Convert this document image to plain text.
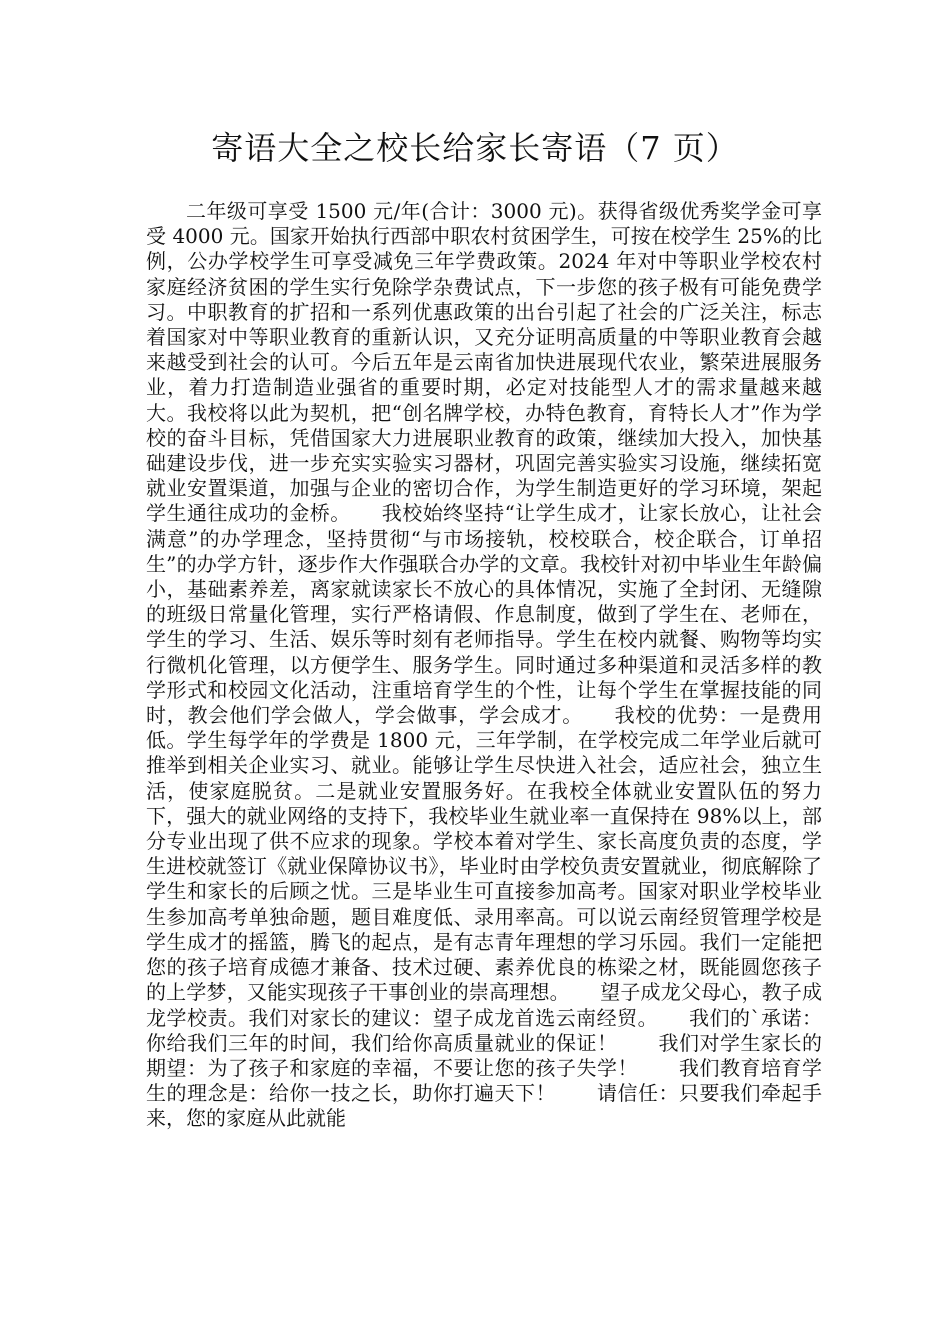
寄语大全之校长给家长寄语（7 页）

二年级可享受 1500 元/年(合计：3000 元)。获得省级优秀奖学金可享受 4000 元。国家开始执行西部中职农村贫困学生，可按在校学生 25%的比例，公办学校学生可享受减免三年学费政策。2024 年对中等职业学校农村家庭经济贫困的学生实行免除学杂费试点，下一步您的孩子极有可能免费学习。中职教育的扩招和一系列优惠政策的出台引起了社会的广泛关注，标志着国家对中等职业教育的重新认识，又充分证明高质量的中等职业教育会越来越受到社会的认可。今后五年是云南省加快进展现代农业，繁荣进展服务业，着力打造制造业强省的重要时期，必定对技能型人才的需求量越来越大。我校将以此为契机，把“创名牌学校，办特色教育，育特长人才”作为学校的奋斗目标，凭借国家大力进展职业教育的政策，继续加大投入，加快基础建设步伐，进一步充实实验实习器材，巩固完善实验实习设施，继续拓宽就业安置渠道，加强与企业的密切合作，为学生制造更好的学习环境，架起学生通往成功的金桥。　　我校始终坚持“让学生成才，让家长放心，让社会满意”的办学理念，坚持贯彻“与市场接轨，校校联合，校企联合，订单招生”的办学方针，逐步作大作强联合办学的文章。我校针对初中毕业生年龄偏小，基础素养差，离家就读家长不放心的具体情况，实施了全封闭、无缝隙的班级日常量化管理，实行严格请假、作息制度，做到了学生在、老师在，学生的学习、生活、娱乐等时刻有老师指导。学生在校内就餐、购物等均实行微机化管理，以方便学生、服务学生。同时通过多种渠道和灵活多样的教学形式和校园文化活动，注重培育学生的个性，让每个学生在掌握技能的同时，教会他们学会做人，学会做事，学会成才。　　我校的优势：一是费用低。学生每学年的学费是 1800 元，三年学制，在学校完成二年学业后就可推举到相关企业实习、就业。能够让学生尽快进入社会，适应社会，独立生活，使家庭脱贫。二是就业安置服务好。在我校全体就业安置队伍的努力下，强大的就业网络的支持下，我校毕业生就业率一直保持在 98%以上，部分专业出现了供不应求的现象。学校本着对学生、家长高度负责的态度，学生进校就签订《就业保障协议书》，毕业时由学校负责安置就业，彻底解除了学生和家长的后顾之忧。三是毕业生可直接参加高考。国家对职业学校毕业生参加高考单独命题，题目难度低、录用率高。可以说云南经贸管理学校是学生成才的摇篮，腾飞的起点，是有志青年理想的学习乐园。我们一定能把您的孩子培育成德才兼备、技术过硬、素养优良的栋梁之材，既能圆您孩子的上学梦，又能实现孩子干事创业的崇高理想。　　望子成龙父母心，教子成龙学校责。我们对家长的建议：望子成龙首选云南经贸。　　我们的`承诺：你给我们三年的时间，我们给你高质量就业的保证！　　我们对学生家长的期望：为了孩子和家庭的幸福，不要让您的孩子失学！　　我们教育培育学生的理念是：给你一技之长，助你打遍天下！　　请信任：只要我们牵起手来，您的家庭从此就能
